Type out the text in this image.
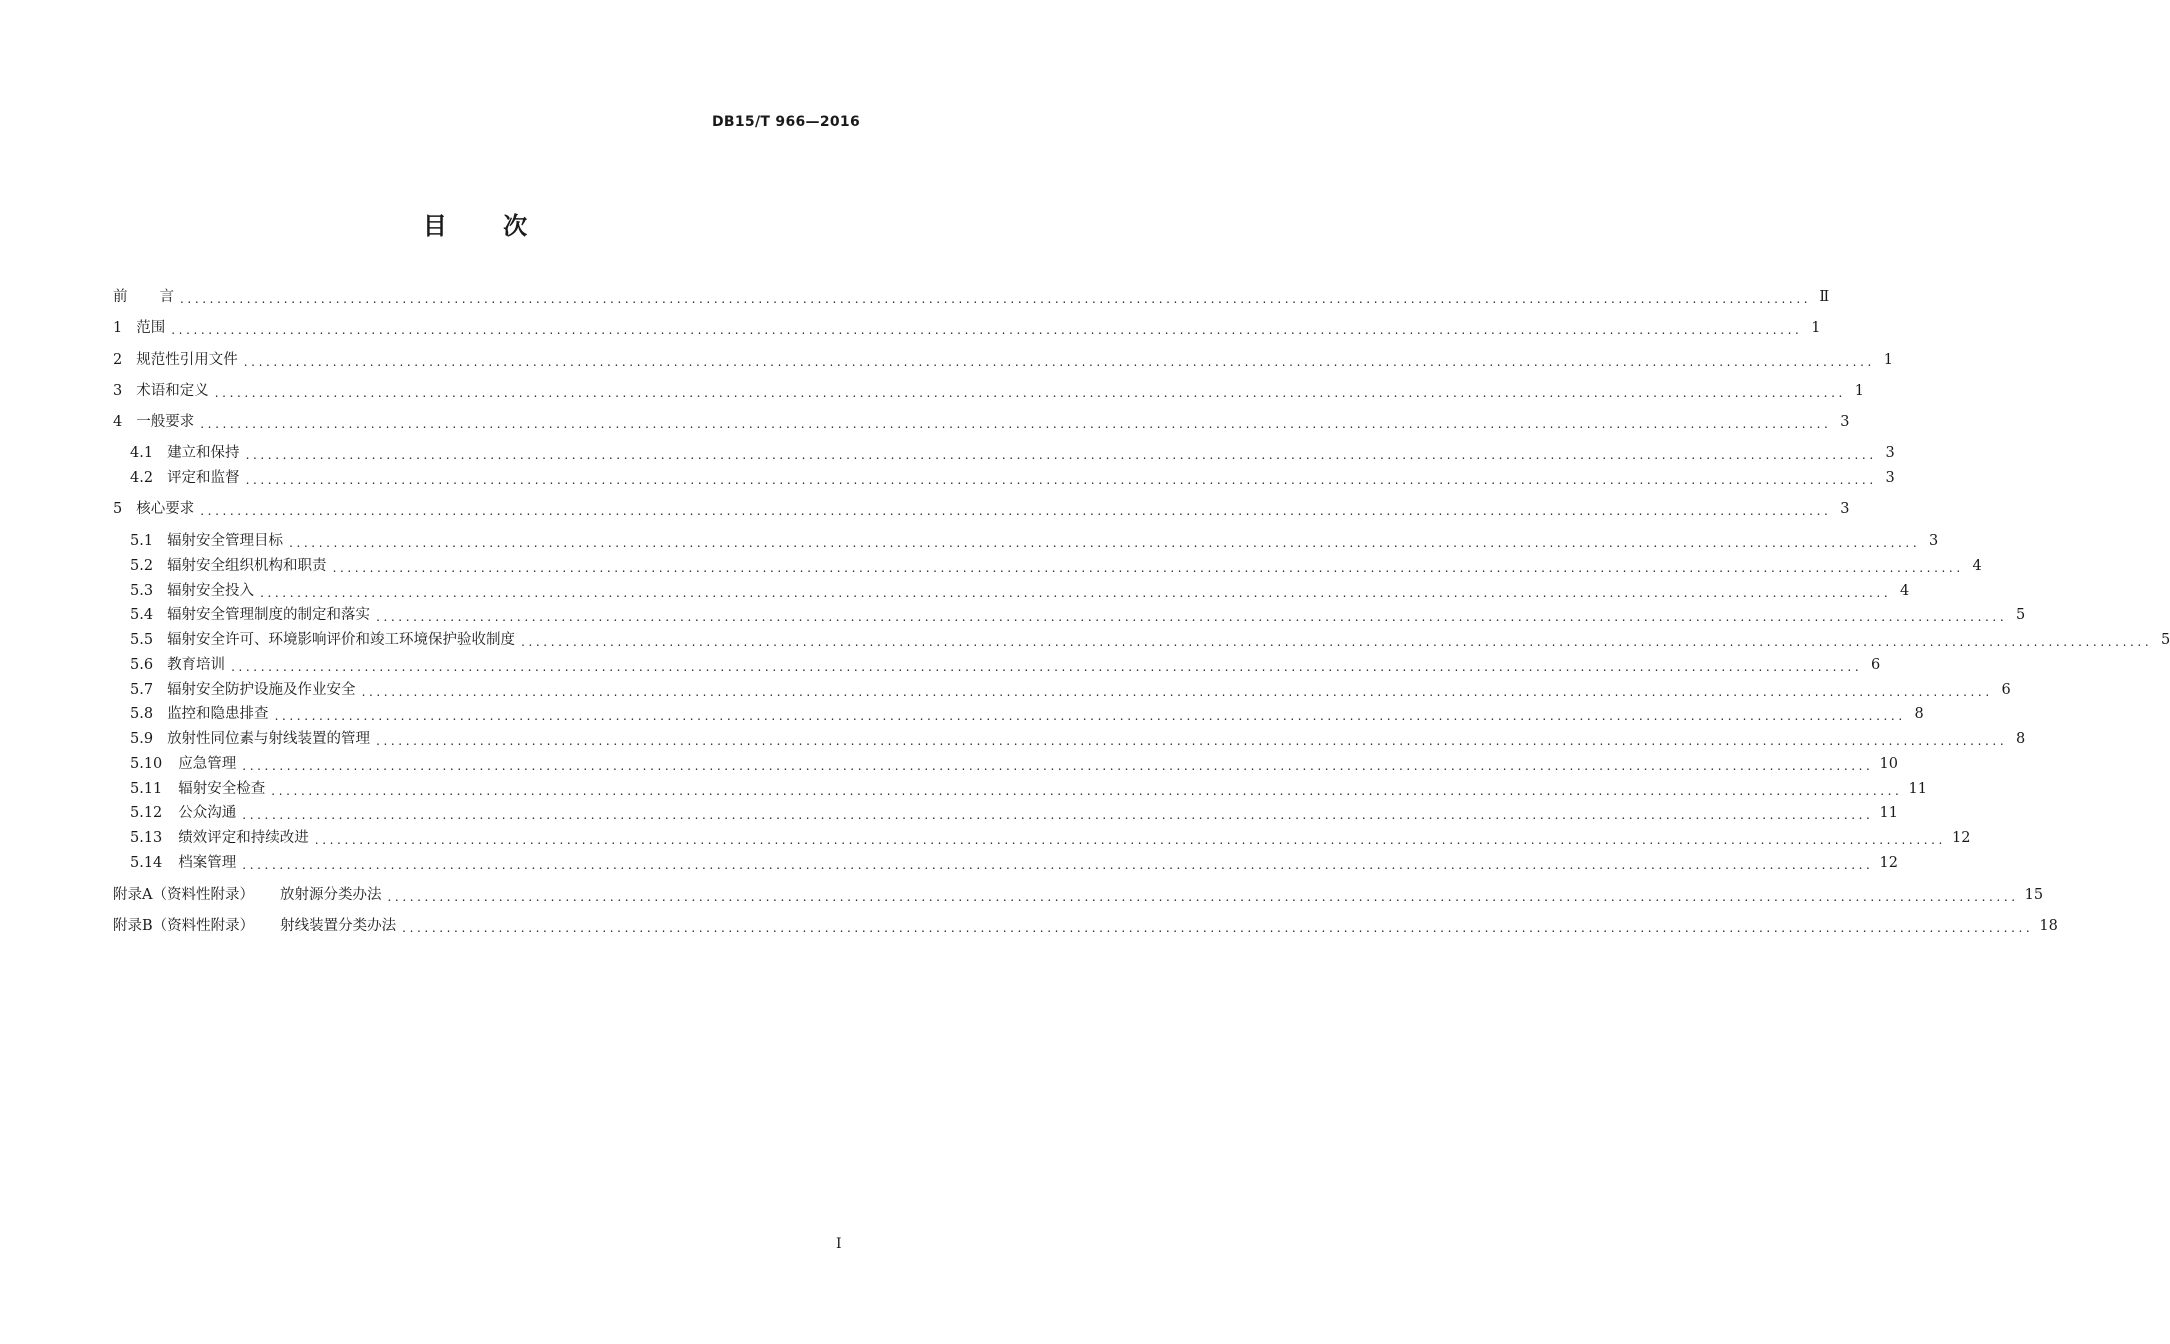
DB15/T 966—2016
目 次
前 言 ............................................................................................................................................................................................................................ Ⅱ
1 范围 ............................................................................................................................................................................................................................ 1
2 规范性引用文件 ............................................................................................................................................................................................................................ 1
3 术语和定义 ............................................................................................................................................................................................................................ 1
4 一般要求 ............................................................................................................................................................................................................................ 3
4.1 建立和保持 ............................................................................................................................................................................................................................ 3
4.2 评定和监督 ............................................................................................................................................................................................................................ 3
5 核心要求 ............................................................................................................................................................................................................................ 3
5.1 辐射安全管理目标 ............................................................................................................................................................................................................................ 3
5.2 辐射安全组织机构和职责 ............................................................................................................................................................................................................................ 4
5.3 辐射安全投入 ............................................................................................................................................................................................................................ 4
5.4 辐射安全管理制度的制定和落实 ............................................................................................................................................................................................................................ 5
5.5 辐射安全许可、环境影响评价和竣工环境保护验收制度 ............................................................................................................................................................................................................................ 5
5.6 教育培训 ............................................................................................................................................................................................................................ 6
5.7 辐射安全防护设施及作业安全 ............................................................................................................................................................................................................................ 6
5.8 监控和隐患排查 ............................................................................................................................................................................................................................ 8
5.9 放射性同位素与射线装置的管理 ............................................................................................................................................................................................................................ 8
5.10 应急管理 ............................................................................................................................................................................................................................ 10
5.11 辐射安全检查 ............................................................................................................................................................................................................................ 11
5.12 公众沟通 ............................................................................................................................................................................................................................ 11
5.13 绩效评定和持续改进 ............................................................................................................................................................................................................................ 12
5.14 档案管理 ............................................................................................................................................................................................................................ 12
附录A（资料性附录） 放射源分类办法 ............................................................................................................................................................................................................................ 15
附录B（资料性附录） 射线装置分类办法 ............................................................................................................................................................................................................................ 18
I
